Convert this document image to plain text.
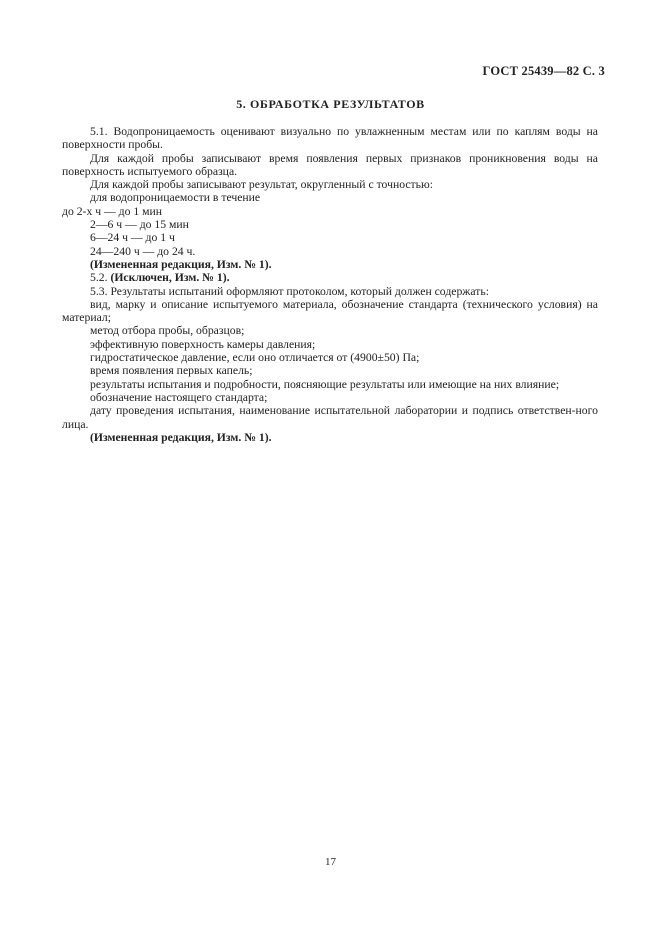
ГОСТ 25439—82 С. 3
5. ОБРАБОТКА РЕЗУЛЬТАТОВ

5.1. Водопроницаемость оценивают визуально по увлажненным местам или по каплям воды на поверхности пробы.

Для каждой пробы записывают время появления первых признаков проникновения воды на поверхность испытуемого образца.

Для каждой пробы записывают результат, округленный с точностью:

для водопроницаемости в течение

до 2-х ч — до 1 мин

2—6 ч — до 15 мин

6—24 ч — до 1 ч

24—240 ч — до 24 ч.

(Измененная редакция, Изм. № 1).

5.2. (Исключен, Изм. № 1).

5.3. Результаты испытаний оформляют протоколом, который должен содержать:

вид, марку и описание испытуемого материала, обозначение стандарта (технического условия) на материал;

метод отбора пробы, образцов;

эффективную поверхность камеры давления;

гидростатическое давление, если оно отличается от (4900±50) Па;

время появления первых капель;

результаты испытания и подробности, поясняющие результаты или имеющие на них влияние;

обозначение настоящего стандарта;

дату проведения испытания, наименование испытательной лаборатории и подпись ответствен-ного лица.

(Измененная редакция, Изм. № 1).

17
